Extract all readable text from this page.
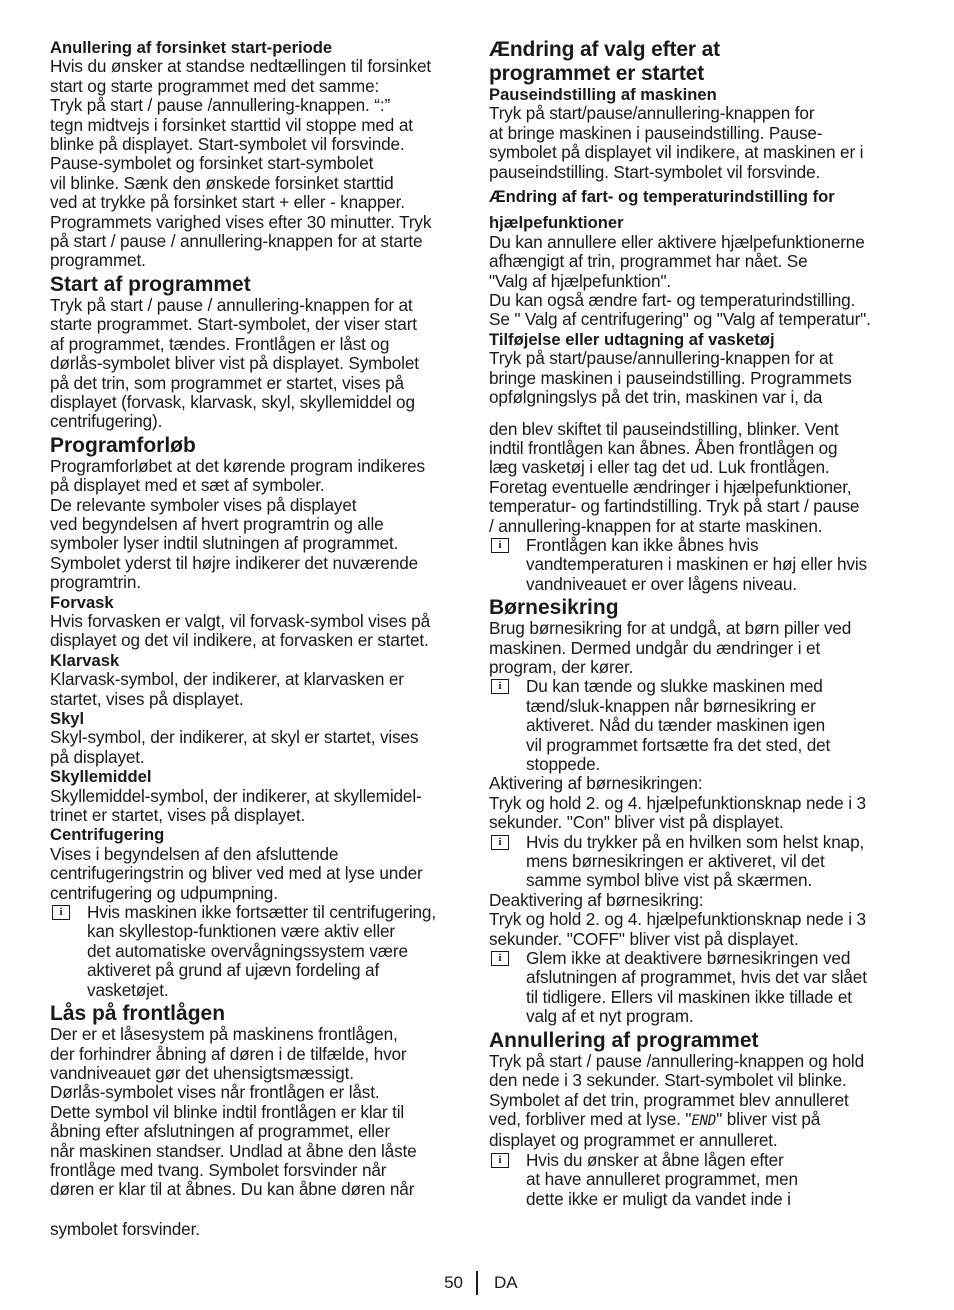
Anullering af forsinket start-periode

Hvis du ønsker at standse nedtællingen til forsinket

start og starte programmet med det samme:

Tryk på start / pause /annullering-knappen. “:”

tegn midtvejs i forsinket starttid vil stoppe med at

blinke på displayet. Start-symbolet vil forsvinde.

Pause-symbolet og forsinket start-symbolet

vil blinke. Sænk den ønskede forsinket starttid

ved at trykke på forsinket start + eller - knapper.

Programmets varighed vises efter 30 minutter. Tryk

på start / pause / annullering-knappen for at starte

programmet.

Start af programmet

Tryk på start / pause / annullering-knappen for at

starte programmet. Start-symbolet, der viser start

af programmet, tændes. Frontlågen er låst og

dørlås-symbolet bliver vist på displayet. Symbolet

på det trin, som programmet er startet, vises på

displayet (forvask, klarvask, skyl, skyllemiddel og

centrifugering).

Programforløb

Programforløbet at det kørende program indikeres

på displayet med et sæt af symboler.

De relevante symboler vises på displayet

ved begyndelsen af hvert programtrin og alle

symboler lyser indtil slutningen af programmet.

Symbolet yderst til højre indikerer det nuværende

programtrin.

Forvask

Hvis forvasken er valgt, vil forvask-symbol vises på

displayet og det vil indikere, at forvasken er startet.

Klarvask

Klarvask-symbol, der indikerer, at klarvasken er

startet, vises på displayet.

Skyl

Skyl-symbol, der indikerer, at skyl er startet, vises

på displayet.

Skyllemiddel

Skyllemiddel-symbol, der indikerer, at skyllemidel-

trinet er startet, vises på displayet.

Centrifugering

Vises i begyndelsen af den afsluttende

centrifugeringstrin og bliver ved med at lyse under

centrifugering og udpumpning.

i	Hvis maskinen ikke fortsætter til centrifugering,

kan skyllestop-funktionen være aktiv eller

det automatiske overvågningssystem være

aktiveret på grund af ujævn fordeling af

vasketøjet.

Lås på frontlågen

Der er et låsesystem på maskinens frontlågen,

der forhindrer åbning af døren i de tilfælde, hvor

vandniveauet gør det uhensigtsmæssigt.

Dørlås-symbolet vises når frontlågen er låst.

Dette symbol vil blinke indtil frontlågen er klar til

åbning efter afslutningen af programmet, eller

når maskinen standser. Undlad at åbne den låste

frontlåge med tvang. Symbolet forsvinder når

døren er klar til at åbnes. Du kan åbne døren når

symbolet forsvinder.

Ændring af valg efter at

programmet er startet

Pauseindstilling af maskinen

Tryk på start/pause/annullering-knappen for

at bringe maskinen i pauseindstilling. Pause-

symbolet på displayet vil indikere, at maskinen er i

pauseindstilling. Start-symbolet vil forsvinde.

Ændring af fart- og temperaturindstilling for
hjælpefunktioner

Du kan annullere eller aktivere hjælpefunktionerne

afhængigt af trin, programmet har nået. Se

"Valg af hjælpefunktion".

Du kan også ændre fart- og temperaturindstilling.

Se " Valg af centrifugering" og "Valg af temperatur".

Tilføjelse eller udtagning af vasketøj

Tryk på start/pause/annullering-knappen for at

bringe maskinen i pauseindstilling. Programmets

opfølgningslys på det trin, maskinen var i, da

den blev skiftet til pauseindstilling, blinker. Vent

indtil frontlågen kan åbnes. Åben frontlågen og

læg vasketøj i eller tag det ud. Luk frontlågen.

Foretag eventuelle ændringer i hjælpefunktioner,

temperatur- og fartindstilling. Tryk på start / pause

/ annullering-knappen for at starte maskinen.

i	Frontlågen kan ikke åbnes hvis

vandtemperaturen i maskinen er høj eller hvis

vandniveauet er over lågens niveau.

Børnesikring

Brug børnesikring for at undgå, at børn piller ved

maskinen. Dermed undgår du ændringer i et

program, der kører.

i	Du kan tænde og slukke maskinen med

tænd/sluk-knappen når børnesikring er

aktiveret. Nåd du tænder maskinen igen

vil programmet fortsætte fra det sted, det

stoppede.

Aktivering af børnesikringen:

Tryk og hold 2. og 4. hjælpefunktionsknap nede i 3

sekunder. "Con" bliver vist på displayet.

i	Hvis du trykker på en hvilken som helst knap,

mens børnesikringen er aktiveret, vil det

samme symbol blive vist på skærmen.

Deaktivering af børnesikring:

Tryk og hold 2. og 4. hjælpefunktionsknap nede i 3

sekunder. "COFF" bliver vist på displayet.

i	Glem ikke at deaktivere børnesikringen ved

afslutningen af programmet, hvis det var slået

til tidligere. Ellers vil maskinen ikke tillade et

valg af et nyt program.

Annullering af programmet

Tryk på start / pause /annullering-knappen og hold

den nede i 3 sekunder. Start-symbolet vil blinke.

Symbolet af det trin, programmet blev annulleret

ved, forbliver med at lyse. "END" bliver vist på

displayet og programmet er annulleret.

i	Hvis du ønsker at åbne lågen efter

at have annulleret programmet, men

dette ikke er muligt da vandet inde i

50 DA
